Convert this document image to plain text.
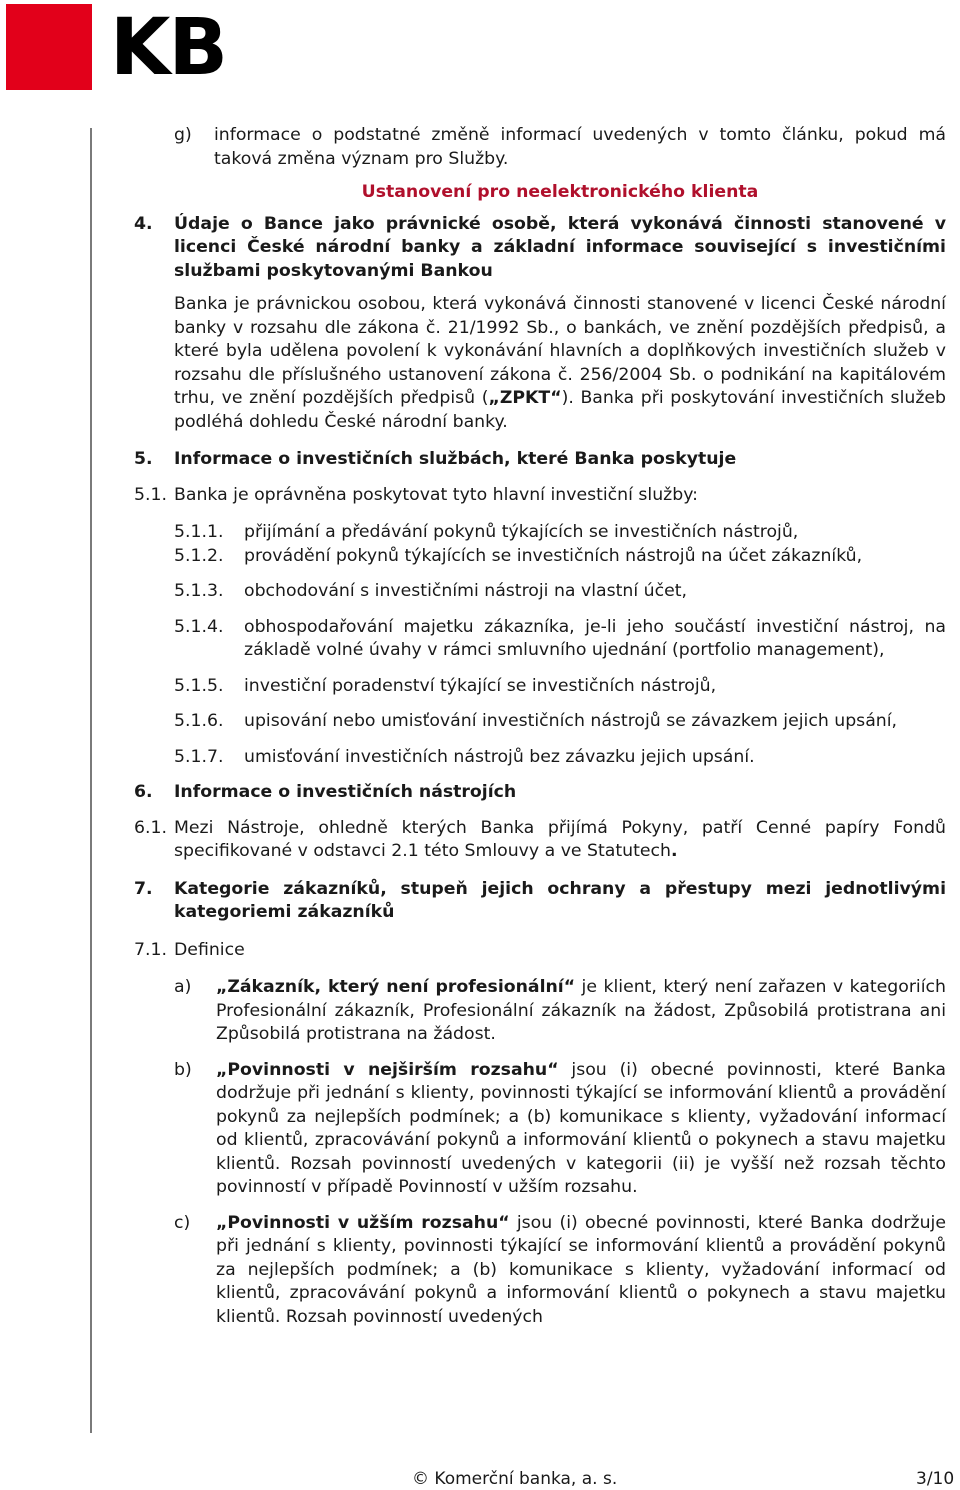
KB
g)	informace o podstatné změně informací uvedených v tomto článku, pokud má taková změna význam pro Služby.
Ustanovení pro neelektronického klienta
4.	Údaje o Bance jako právnické osobě, která vykonává činnosti stanovené v licenci České národní banky a základní informace související s investičními službami poskytovanými Bankou
Banka je právnickou osobou, která vykonává činnosti stanovené v licenci České národní banky v rozsahu dle zákona č. 21/1992 Sb., o bankách, ve znění pozdějších předpisů, a které byla udělena povolení k vykonávání hlavních a doplňkových investičních služeb v rozsahu dle příslušného ustanovení zákona č. 256/2004 Sb. o podnikání na kapitálovém trhu, ve znění pozdějších předpisů („ZPKT“). Banka při poskytování investičních služeb podléhá dohledu České národní banky.
5.	Informace o investičních službách, které Banka poskytuje
5.1. Banka je oprávněna poskytovat tyto hlavní investiční služby:
5.1.1.	přijímání a předávání pokynů týkajících se investičních nástrojů,
5.1.2.	provádění pokynů týkajících se investičních nástrojů na účet zákazníků,
5.1.3.	obchodování s investičními nástroji na vlastní účet,
5.1.4.	obhospodařování majetku zákazníka, je-li jeho součástí investiční nástroj, na základě volné úvahy v rámci smluvního ujednání (portfolio management),
5.1.5.	investiční poradenství týkající se investičních nástrojů,
5.1.6.	upisování nebo umisťování investičních nástrojů se závazkem jejich upsání,
5.1.7.	umisťování investičních nástrojů bez závazku jejich upsání.
6.	Informace o investičních nástrojích
6.1. Mezi Nástroje, ohledně kterých Banka přijímá Pokyny, patří Cenné papíry Fondů specifikované v odstavci 2.1 této Smlouvy a ve Statutech.
7.	Kategorie zákazníků, stupeň jejich ochrany a přestupy mezi jednotlivými kategoriemi zákazníků
7.1. Definice
a)	„Zákazník, který není profesionální“ je klient, který není zařazen v kategoriích Profesionální zákazník, Profesionální zákazník na žádost, Způsobilá protistrana ani Způsobilá protistrana na žádost.
b)	„Povinnosti v nejširším rozsahu“ jsou (i) obecné povinnosti, které Banka dodržuje při jednání s klienty, povinnosti týkající se informování klientů a provádění pokynů za nejlepších podmínek; a (b) komunikace s klienty, vyžadování informací od klientů, zpracovávání pokynů a informování klientů o pokynech a stavu majetku klientů. Rozsah povinností uvedených v kategorii (ii) je vyšší než rozsah těchto povinností v případě Povinností v užším rozsahu.
c)	„Povinnosti v užším rozsahu“ jsou (i) obecné povinnosti, které Banka dodržuje při jednání s klienty, povinnosti týkající se informování klientů a provádění pokynů za nejlepších podmínek; a (b) komunikace s klienty, vyžadování informací od klientů, zpracovávání pokynů a informování klientů o pokynech a stavu majetku klientů. Rozsah povinností uvedených
© Komerční banka, a. s.	3/10
